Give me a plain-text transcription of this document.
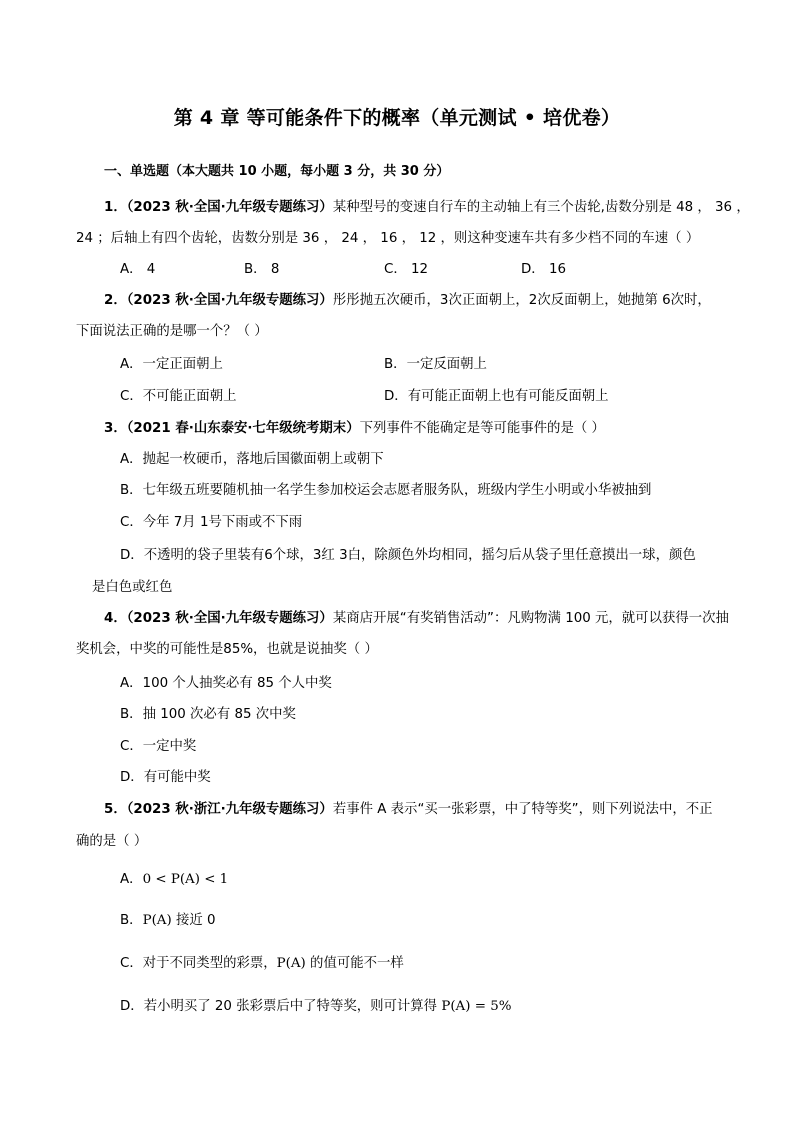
第 4 章 等可能条件下的概率（单元测试 • 培优卷）
一、单选题（本大题共 10 小题，每小题 3 分，共 30 分）
1．（2023 秋·全国·九年级专题练习）某种型号的变速自行车的主动轴上有三个齿轮,齿数分别是 48 ， 36 ，
24 ；后轴上有四个齿轮，齿数分别是 36 ， 24 ， 16 ， 12 ，则这种变速车共有多少档不同的车速（ ）
A． 4	B． 8	C． 12	D． 16
2．（2023 秋·全国·九年级专题练习）彤彤抛五次硬币，3次正面朝上，2次反面朝上，她抛第 6次时，
下面说法正确的是哪一个？（ ）
A．一定正面朝上	B．一定反面朝上
C．不可能正面朝上	D．有可能正面朝上也有可能反面朝上
3．（2021 春·山东泰安·七年级统考期末）下列事件不能确定是等可能事件的是（ ）
A．抛起一枚硬币，落地后国徽面朝上或朝下
B．七年级五班要随机抽一名学生参加校运会志愿者服务队，班级内学生小明或小华被抽到
C．今年 7月 1号下雨或不下雨
D．不透明的袋子里装有6个球，3红 3白，除颜色外均相同，摇匀后从袋子里任意摸出一球，颜色
是白色或红色
4．（2023 秋·全国·九年级专题练习）某商店开展“有奖销售活动”：凡购物满 100 元，就可以获得一次抽
奖机会，中奖的可能性是85%，也就是说抽奖（ ）
A．100 个人抽奖必有 85 个人中奖
B．抽 100 次必有 85 次中奖
C．一定中奖
D．有可能中奖
5．（2023 秋·浙江·九年级专题练习）若事件 A 表示“买一张彩票，中了特等奖”，则下列说法中，不正
确的是（ ）
A．0 < P(A) < 1
B．P(A) 接近 0
C．对于不同类型的彩票，P(A) 的值可能不一样
D．若小明买了 20 张彩票后中了特等奖，则可计算得 P(A) = 5%
